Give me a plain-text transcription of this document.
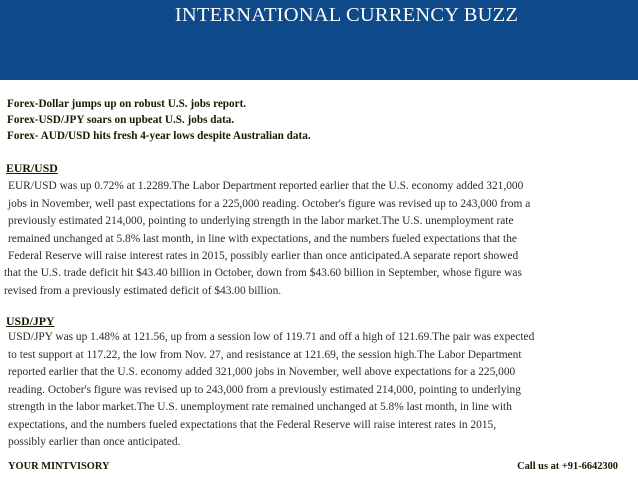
INTERNATIONAL CURRENCY BUZZ
Forex-Dollar jumps up on robust U.S. jobs report.
Forex-USD/JPY soars on upbeat U.S. jobs data.
Forex- AUD/USD hits fresh 4-year lows despite Australian data.
EUR/USD
EUR/USD was up 0.72% at 1.2289.The Labor Department reported earlier that the U.S. economy added 321,000
jobs in November, well past expectations for a 225,000 reading. October's figure was revised up to 243,000 from a
previously estimated 214,000, pointing to underlying strength in the labor market.The U.S. unemployment rate
remained unchanged at 5.8% last month, in line with expectations, and the numbers fueled expectations that the
Federal Reserve will raise interest rates in 2015, possibly earlier than once anticipated.A separate report showed
that the U.S. trade deficit hit $43.40 billion in October, down from $43.60 billion in September, whose figure was
revised from a previously estimated deficit of $43.00 billion.
USD/JPY
USD/JPY was up 1.48% at 121.56, up from a session low of 119.71 and off a high of 121.69.The pair was expected
to test support at 117.22, the low from Nov. 27, and resistance at 121.69, the session high.The Labor Department
reported earlier that the U.S. economy added 321,000 jobs in November, well above expectations for a 225,000
reading. October's figure was revised up to 243,000 from a previously estimated 214,000, pointing to underlying
strength in the labor market.The U.S. unemployment rate remained unchanged at 5.8% last month, in line with
expectations, and the numbers fueled expectations that the Federal Reserve will raise interest rates in 2015,
possibly earlier than once anticipated.
YOUR MINTVISORY	Call us at +91-6642300
